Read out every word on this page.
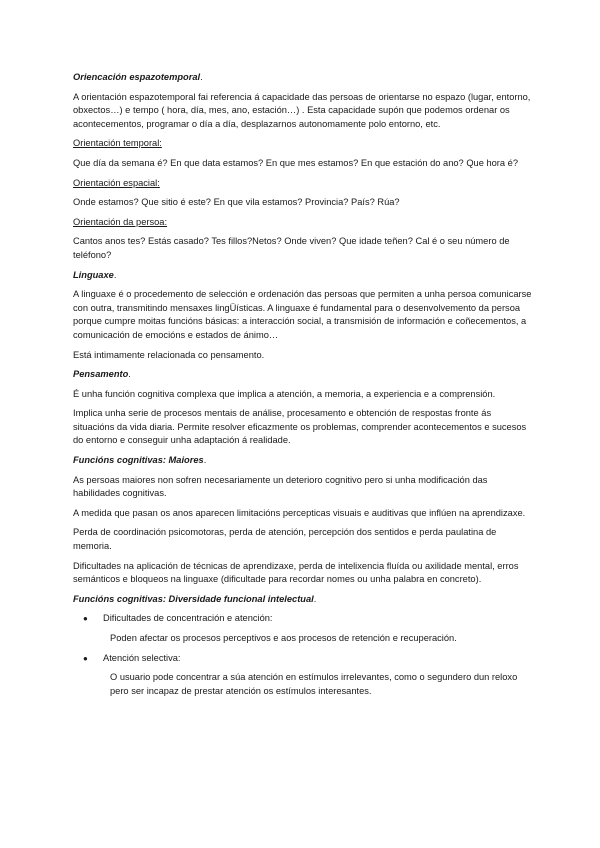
Oriencación espazotemporal.

A orientación espazotemporal fai referencia á capacidade das persoas de orientarse no espazo (lugar, entorno, obxectos…) e tempo ( hora, día, mes, ano, estación…) . Esta capacidade supón que podemos ordenar os acontecementos, programar o día a día, desplazarnos autonomamente polo entorno, etc.

Orientación temporal:

Que día da semana é? En que data estamos? En que mes estamos? En que estación do ano? Que hora é?

Orientación espacial:

Onde estamos? Que sitio é este? En que vila estamos? Provincia? País? Rúa?

Orientación da persoa:

Cantos anos tes? Estás casado? Tes fillos?Netos? Onde viven? Que idade teñen? Cal é o seu número de teléfono?

Linguaxe.

A linguaxe é o procedemento de selección e ordenación das persoas que permiten a unha persoa comunicarse con outra, transmitindo mensaxes lingÜísticas. A linguaxe é fundamental para o desenvolvemento da persoa porque cumpre moitas funcións básicas: a interacción social, a transmisión de información e coñecementos, a comunicación de emocións e estados de ánimo…

Está intimamente relacionada co pensamento.

Pensamento.

É unha función cognitiva complexa que implica a atención, a memoria, a experiencia e a comprensión.

Implica unha serie de procesos mentais de análise, procesamento e obtención de respostas fronte ás situacións da vida diaria. Permite resolver eficazmente os problemas, comprender acontecementos e sucesos do entorno e conseguir unha adaptación á realidade.

Funcións cognitivas: Maiores.

As persoas maiores non sofren necesariamente un deterioro cognitivo pero si unha modificación das habilidades cognitivas.

A medida que pasan os anos aparecen limitacións percepticas visuais e auditivas que inflúen na aprendizaxe.

Perda de coordinación psicomotoras, perda de atención, percepción dos sentidos e perda paulatina de memoria.

Dificultades na aplicación de técnicas de aprendizaxe, perda de intelixencia fluída ou axilidade mental, erros semánticos e bloqueos na linguaxe (dificultade para recordar nomes ou unha palabra en concreto).

Funcións cognitivas: Diversidade funcional intelectual.

●	Dificultades de concentración e atención:

Poden afectar os procesos perceptivos e aos procesos de retención e recuperación.

●	Atención selectiva:

O usuario pode concentrar a súa atención en estímulos irrelevantes, como o segundero dun reloxo pero ser incapaz de prestar atención os estímulos interesantes.
